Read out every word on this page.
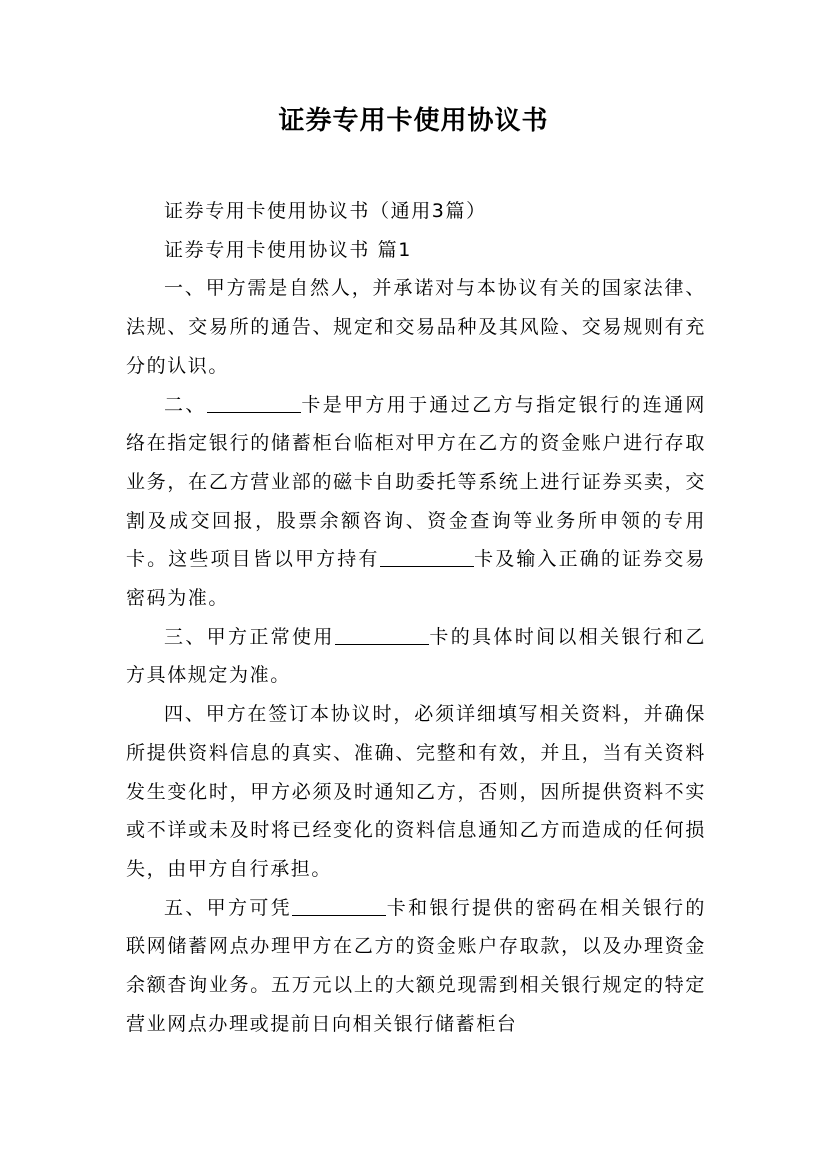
证券专用卡使用协议书

证券专用卡使用协议书（通用3篇）

证券专用卡使用协议书 篇1

一、甲方需是自然人，并承诺对与本协议有关的国家法律、法规、交易所的通告、规定和交易品种及其风险、交易规则有充分的认识。

二、	卡是甲方用于通过乙方与指定银行的连通网络在指定银行的储蓄柜台临柜对甲方在乙方的资金账户进行存取业务，在乙方营业部的磁卡自助委托等系统上进行证券买卖，交割及成交回报，股票余额咨询、资金查询等业务所申领的专用卡。这些项目皆以甲方持有	卡及输入正确的证券交易密码为准。

三、甲方正常使用	卡的具体时间以相关银行和乙方具体规定为准。

四、甲方在签订本协议时，必须详细填写相关资料，并确保所提供资料信息的真实、准确、完整和有效，并且，当有关资料发生变化时，甲方必须及时通知乙方，否则，因所提供资料不实或不详或未及时将已经变化的资料信息通知乙方而造成的任何损失，由甲方自行承担。

五、甲方可凭	卡和银行提供的密码在相关银行的联网储蓄网点办理甲方在乙方的资金账户存取款，以及办理资金余额杳询业务。五万元以上的大额兑现需到相关银行规定的特定营业网点办理或提前日向相关银行储蓄柜台
